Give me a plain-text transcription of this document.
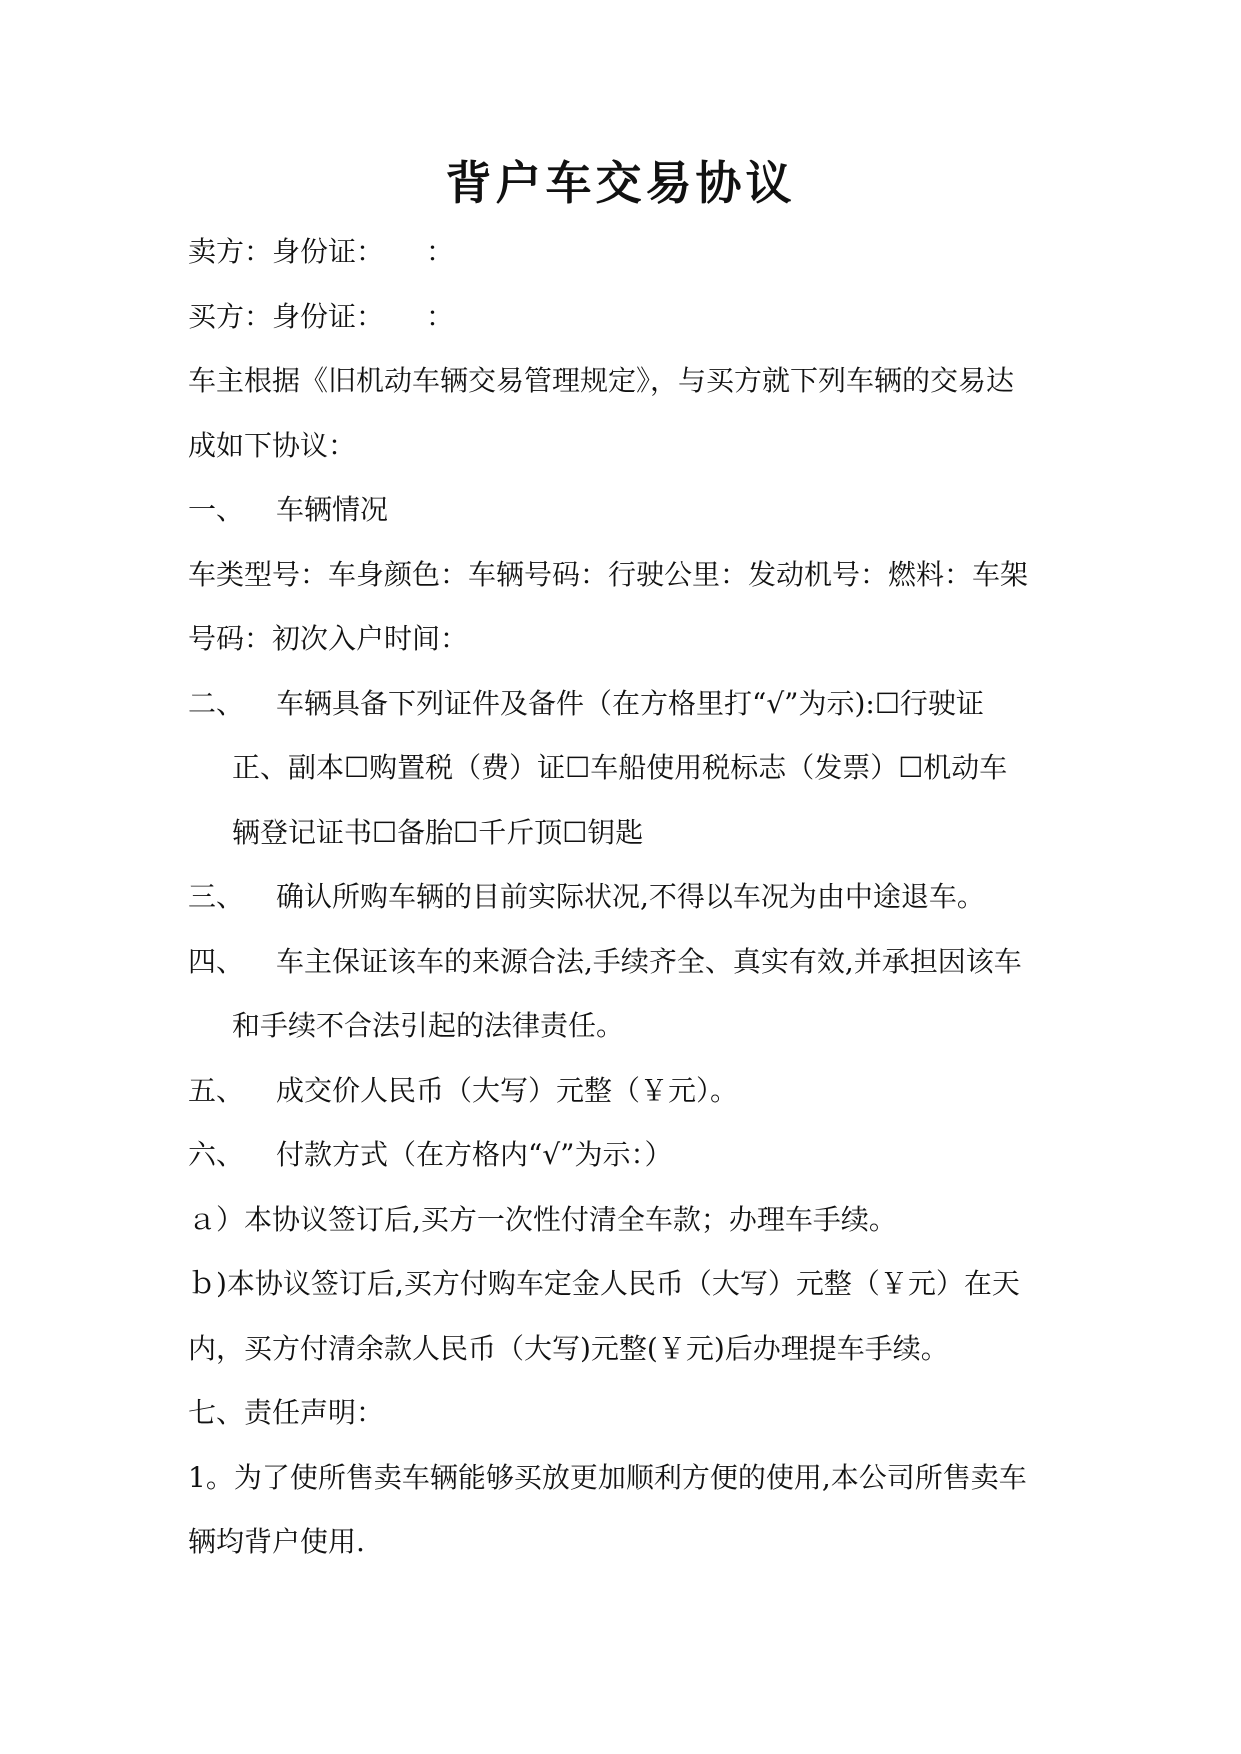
背户车交易协议
卖方：身份证：　　：
买方：身份证：　　：
车主根据《旧机动车辆交易管理规定》，与买方就下列车辆的交易达
成如下协议：
一、 车辆情况
车类型号：车身颜色：车辆号码：行驶公里：发动机号：燃料：车架
号码：初次入户时间：
二、 车辆具备下列证件及备件（在方格里打“√”为示):☐行驶证
正、副本☐购置税（费）证☐车船使用税标志（发票）☐机动车
辆登记证书☐备胎☐千斤顶☐钥匙
三、 确认所购车辆的目前实际状况,不得以车况为由中途退车。
四、 车主保证该车的来源合法,手续齐全、真实有效,并承担因该车
和手续不合法引起的法律责任。
五、 成交价人民币（大写）元整（￥元）。
六、 付款方式（在方格内“√”为示：）
ａ）本协议签订后,买方一次性付清全车款；办理车手续。
ｂ)本协议签订后,买方付购车定金人民币（大写）元整（￥元）在天
内，买方付清余款人民币（大写)元整(￥元)后办理提车手续。
七、责任声明：
1。为了使所售卖车辆能够买放更加顺利方便的使用,本公司所售卖车
辆均背户使用.
